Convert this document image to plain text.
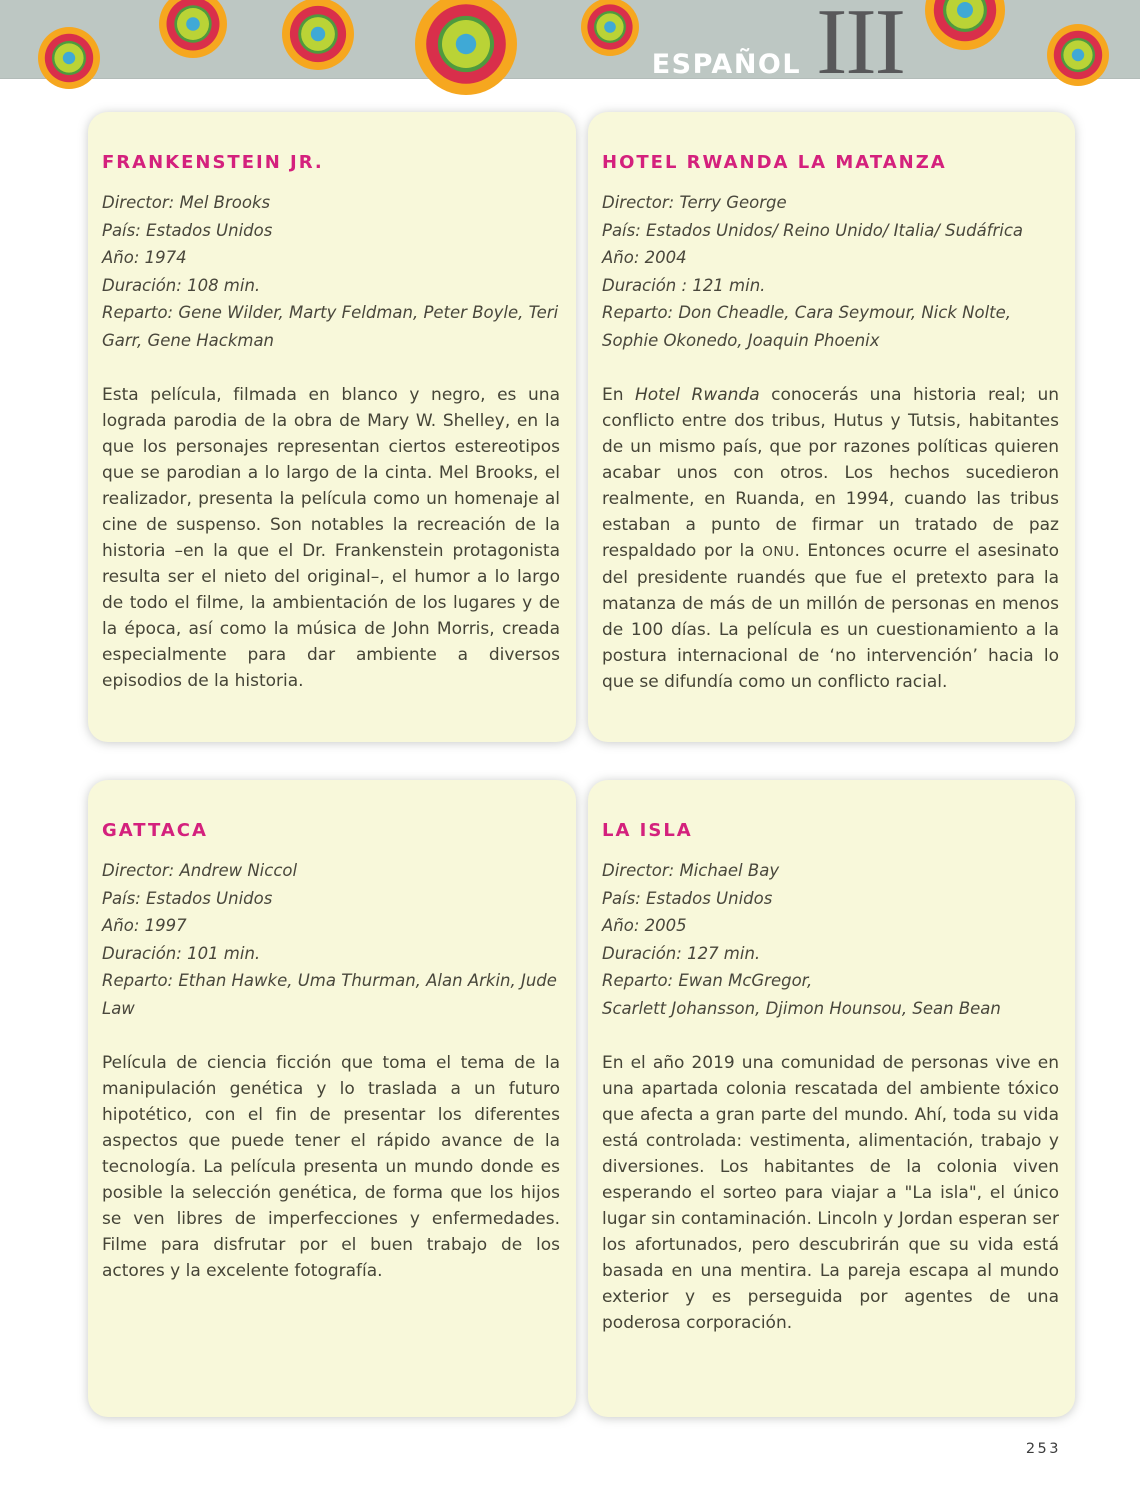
ESPAÑOL III
FRANKENSTEIN JR.
Director: Mel Brooks
País: Estados Unidos
Año: 1974
Duración: 108 min.
Reparto: Gene Wilder, Marty Feldman, Peter Boyle, Teri Garr, Gene Hackman

Esta película, filmada en blanco y negro, es una lograda parodia de la obra de Mary W. Shelley, en la que los personajes representan ciertos estereotipos que se parodian a lo largo de la cinta. Mel Brooks, el realizador, presenta la película como un homenaje al cine de suspenso. Son notables la recreación de la historia –en la que el Dr. Frankenstein protagonista resulta ser el nieto del original–, el humor a lo largo de todo el filme, la ambientación de los lugares y de la época, así como la música de John Morris, creada especialmente para dar ambiente a diversos episodios de la historia.

HOTEL RWANDA LA MATANZA
Director: Terry George
País: Estados Unidos/ Reino Unido/ Italia/ Sudáfrica
Año: 2004
Duración : 121 min.
Reparto: Don Cheadle, Cara Seymour, Nick Nolte, Sophie Okonedo, Joaquin Phoenix

En Hotel Rwanda conocerás una historia real; un conflicto entre dos tribus, Hutus y Tutsis, habitantes de un mismo país, que por razones políticas quieren acabar unos con otros. Los hechos sucedieron realmente, en Ruanda, en 1994, cuando las tribus estaban a punto de firmar un tratado de paz respaldado por la ONU. Entonces ocurre el asesinato del presidente ruandés que fue el pretexto para la matanza de más de un millón de personas en menos de 100 días. La película es un cuestionamiento a la postura internacional de ‘no intervención’ hacia lo que se difundía como un conflicto racial.

GATTACA
Director: Andrew Niccol
País: Estados Unidos
Año: 1997
Duración: 101 min.
Reparto: Ethan Hawke, Uma Thurman, Alan Arkin, Jude Law

Película de ciencia ficción que toma el tema de la manipulación genética y lo traslada a un futuro hipotético, con el fin de presentar los diferentes aspectos que puede tener el rápido avance de la tecnología. La película presenta un mundo donde es posible la selección genética, de forma que los hijos se ven libres de imperfecciones y enfermedades. Filme para disfrutar por el buen trabajo de los actores y la excelente fotografía.

LA ISLA
Director: Michael Bay
País: Estados Unidos
Año: 2005
Duración: 127 min.
Reparto: Ewan McGregor,
Scarlett Johansson, Djimon Hounsou, Sean Bean

En el año 2019 una comunidad de personas vive en una apartada colonia rescatada del ambiente tóxico que afecta a gran parte del mundo. Ahí, toda su vida está controlada: vestimenta, alimentación, trabajo y diversiones. Los habitantes de la colonia viven esperando el sorteo para viajar a "La isla", el único lugar sin contaminación. Lincoln y Jordan esperan ser los afortunados, pero descubrirán que su vida está basada en una mentira. La pareja escapa al mundo exterior y es perseguida por agentes de una poderosa corporación.

253
